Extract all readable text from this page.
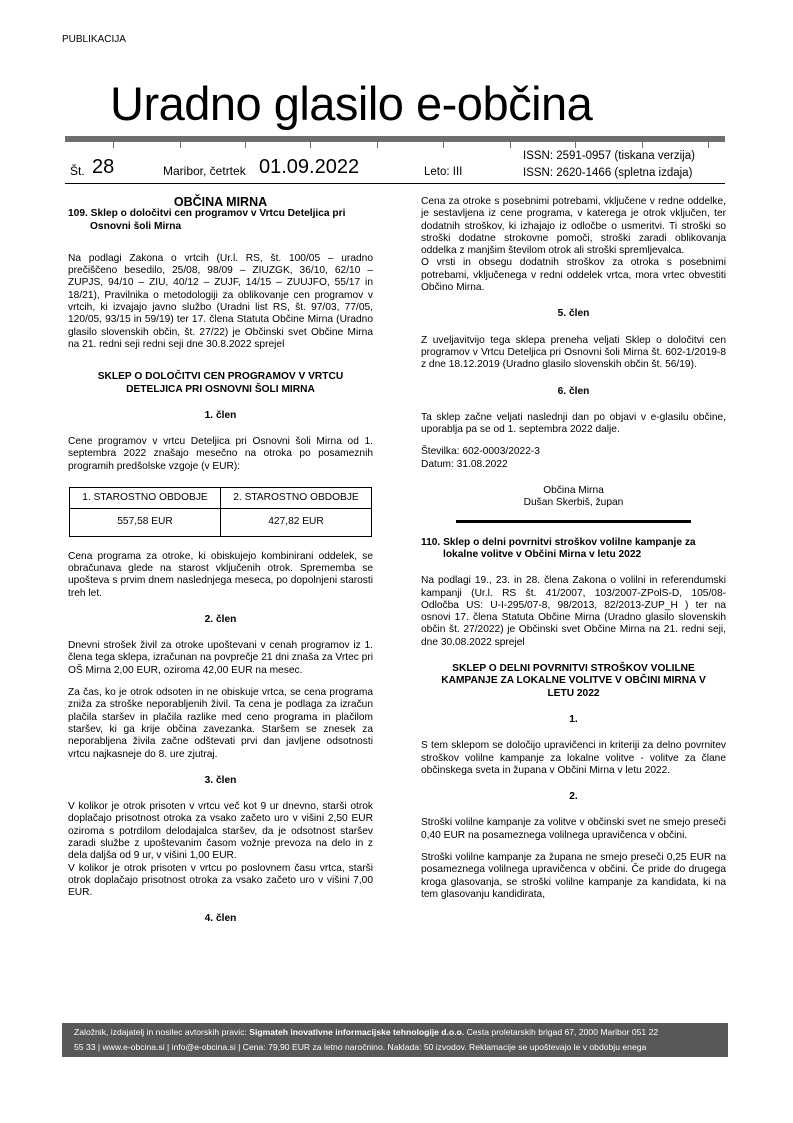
PUBLIKACIJA
Uradno glasilo e-občina
Št. 28	Maribor, četrtek 01.09.2022	Leto: III
ISSN: 2591-0957 (tiskana verzija)
ISSN: 2620-1466 (spletna izdaja)

OBČINA MIRNA

109. Sklep o določitvi cen programov v Vrtcu Deteljica pri Osnovni šoli Mirna

Na podlagi Zakona o vrtcih (Ur.l. RS, št. 100/05 – uradno prečiščeno besedilo, 25/08, 98/09 – ZIUZGK, 36/10, 62/10 – ZUPJS, 94/10 – ZIU, 40/12 – ZUJF, 14/15 – ZUUJFO, 55/17 in 18/21), Pravilnika o metodologiji za oblikovanje cen programov v vrtcih, ki izvajajo javno službo (Uradni list RS, št. 97/03, 77/05, 120/05, 93/15 in 59/19) ter 17. člena Statuta Občine Mirna (Uradno glasilo slovenskih občin, št. 27/22) je Občinski svet Občine Mirna na 21. redni seji redni seji dne 30.8.2022 sprejel

SKLEP O DOLOČITVI CEN PROGRAMOV V VRTCU DETELJICA PRI OSNOVNI ŠOLI MIRNA

1. člen

Cene programov v vrtcu Deteljica pri Osnovni šoli Mirna od 1. septembra 2022 znašajo mesečno na otroka po posameznih programih predšolske vzgoje (v EUR):

1. STAROSTNO OBDOBJE	2. STAROSTNO OBDOBJE
557,58 EUR	427,82 EUR

Cena programa za otroke, ki obiskujejo kombinirani oddelek, se obračunava glede na starost vključenih otrok. Sprememba se upošteva s prvim dnem naslednjega meseca, po dopolnjeni starosti treh let.

2. člen

Dnevni strošek živil za otroke upoštevani v cenah programov iz 1. člena tega sklepa, izračunan na povprečje 21 dni znaša za Vrtec pri OŠ Mirna 2,00 EUR, oziroma 42,00 EUR na mesec.

Za čas, ko je otrok odsoten in ne obiskuje vrtca, se cena programa zniža za stroške neporabljenih živil. Ta cena je podlaga za izračun plačila staršev in plačila razlike med ceno programa in plačilom staršev, ki ga krije občina zavezanka. Staršem se znesek za neporabljena živila začne odštevati prvi dan javljene odsotnosti vrtcu najkasneje do 8. ure zjutraj.

3. člen

V kolikor je otrok prisoten v vrtcu več kot 9 ur dnevno, starši otrok doplačajo prisotnost otroka za vsako začeto uro v višini 2,50 EUR oziroma s potrdilom delodajalca staršev, da je odsotnost staršev zaradi službe z upoštevanim časom vožnje prevoza na delo in z dela daljša od 9 ur, v višini 1,00 EUR.

V kolikor je otrok prisoten v vrtcu po poslovnem času vrtca, starši otrok doplačajo prisotnost otroka za vsako začeto uro v višini 7,00 EUR.

4. člen

Cena za otroke s posebnimi potrebami, vključene v redne oddelke, je sestavljena iz cene programa, v katerega je otrok vključen, ter dodatnih stroškov, ki izhajajo iz odločbe o usmeritvi. Ti stroški so stroški dodatne strokovne pomoči, stroški zaradi oblikovanja oddelka z manjšim številom otrok ali stroški spremljevalca.

O vrsti in obsegu dodatnih stroškov za otroka s posebnimi potrebami, vključenega v redni oddelek vrtca, mora vrtec obvestiti Občino Mirna.

5. člen

Z uveljavitvijo tega sklepa preneha veljati Sklep o določitvi cen programov v Vrtcu Deteljica pri Osnovni šoli Mirna št. 602-1/2019-8 z dne 18.12.2019 (Uradno glasilo slovenskih občin št. 56/19).

6. člen

Ta sklep začne veljati naslednji dan po objavi v e-glasilu občine, uporablja pa se od 1. septembra 2022 dalje.

Številka: 602-0003/2022-3

Datum: 31.08.2022

Občina Mirna

Dušan Skerbiš, župan

110. Sklep o delni povrnitvi stroškov volilne kampanje za lokalne volitve v Občini Mirna v letu 2022

Na podlagi 19., 23. in 28. člena Zakona o volilni in referendumski kampanji (Ur.l. RS št. 41/2007, 103/2007-ZPolS-D, 105/08- Odločba US: U-I-295/07-8, 98/2013, 82/2013-ZUP_H ) ter na osnovi 17. člena Statuta Občine Mirna (Uradno glasilo slovenskih občin št. 27/2022) je Občinski svet Občine Mirna na 21. redni seji, dne 30.08.2022 sprejel

SKLEP O DELNI POVRNITVI STROŠKOV VOLILNE KAMPANJE ZA LOKALNE VOLITVE V OBČINI MIRNA V LETU 2022

1.

S tem sklepom se določijo upravičenci in kriteriji za delno povrnitev stroškov volilne kampanje za lokalne volitve - volitve za člane občinskega sveta in župana v Občini Mirna v letu 2022.

2.

Stroški volilne kampanje za volitve v občinski svet ne smejo preseči 0,40 EUR na posameznega volilnega upravičenca v občini.

Stroški volilne kampanje za župana ne smejo preseči 0,25 EUR na posameznega volilnega upravičenca v občini. Če pride do drugega kroga glasovanja, se stroški volilne kampanje za kandidata, ki na tem glasovanju kandidirata,

Založnik, izdajatelj in nosilec avtorskih pravic: Sigmateh inovativne informacijske tehnologije d.o.o. Cesta proletarskih brigad 67, 2000 Maribor 051 22

55 33 | www.e-obcina.si | info@e-obcina.si | Cena: 79,90 EUR za letno naročnino. Naklada: 50 izvodov. Reklamacije se upoštevajo le v obdobju enega
